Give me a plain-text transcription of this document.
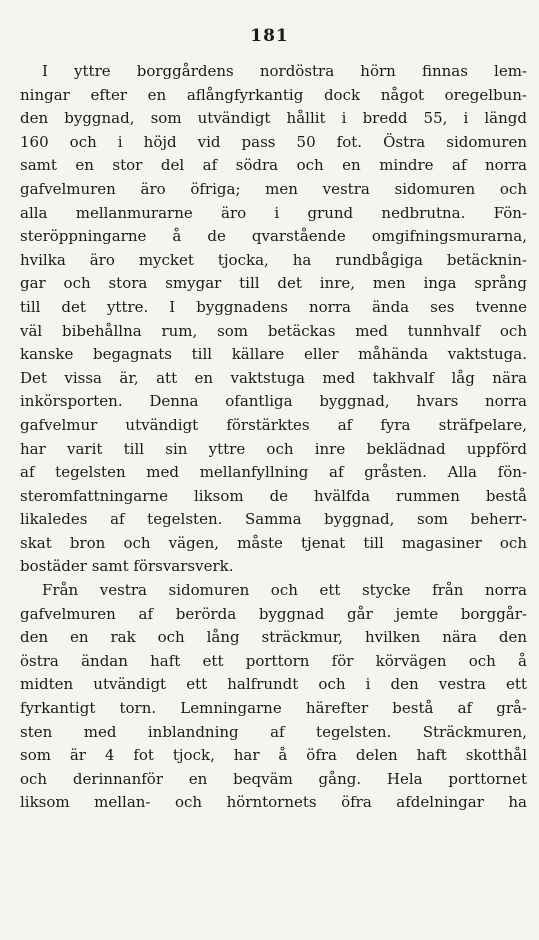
181
I yttre borggårdens nordöstra hörn finnas lem-
ningar efter en aflångfyrkantig dock något oregelbun-
den byggnad, som utvändigt hållit i bredd 55, i längd
160 och i höjd vid pass 50 fot. Östra sidomuren
samt en stor del af södra och en mindre af norra
gafvelmuren äro öfriga; men vestra sidomuren och
alla mellanmurarne äro i grund nedbrutna. Fön-
steröppningarne å de qvarstående omgifningsmurarna,
hvilka äro mycket tjocka, ha rundbågiga betäcknin-
gar och stora smygar till det inre, men inga språng
till det yttre. I byggnadens norra ända ses tvenne
väl bibehållna rum, som betäckas med tunnhvalf och
kanske begagnats till källare eller måhända vaktstuga.
Det vissa är, att en vaktstuga med takhvalf låg nära
inkörsporten. Denna ofantliga byggnad, hvars norra
gafvelmur utvändigt förstärktes af fyra sträfpelare,
har varit till sin yttre och inre beklädnad uppförd
af tegelsten med mellanfyllning af gråsten. Alla fön-
steromfattningarne liksom de hvälfda rummen bestå
likaledes af tegelsten. Samma byggnad, som beherr-
skat bron och vägen, måste tjenat till magasiner och
bostäder samt försvarsverk.
Från vestra sidomuren och ett stycke från norra
gafvelmuren af berörda byggnad går jemte borggår-
den en rak och lång sträckmur, hvilken nära den
östra ändan haft ett porttorn för körvägen och å
midten utvändigt ett halfrundt och i den vestra ett
fyrkantigt torn. Lemningarne härefter bestå af grå-
sten med inblandning af tegelsten. Sträckmuren,
som är 4 fot tjock, har å öfra delen haft skotthål
och derinnanför en beqväm gång. Hela porttornet
liksom mellan- och hörntornets öfra afdelningar ha
